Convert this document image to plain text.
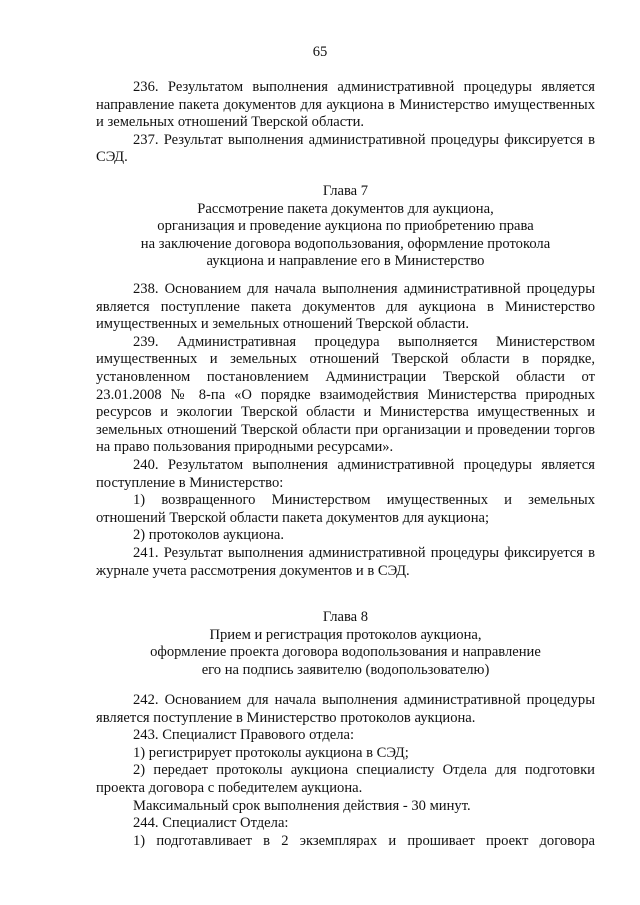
65

236. Результатом выполнения административной процедуры является направление пакета документов для аукциона в Министерство имущественных и земельных отношений Тверской области.

237. Результат выполнения административной процедуры фиксируется в СЭД.

Глава 7

Рассмотрение пакета документов для аукциона,

организация и проведение аукциона по приобретению права

на заключение договора водопользования, оформление протокола

аукциона и направление его в Министерство

238. Основанием для начала выполнения административной процедуры является поступление пакета документов для аукциона в Министерство имущественных и земельных отношений Тверской области.

239. Административная процедура выполняется Министерством имущественных и земельных отношений Тверской области в порядке, установленном постановлением Администрации Тверской области от 23.01.2008 № 8-па «О порядке взаимодействия Министерства природных ресурсов и экологии Тверской области и Министерства имущественных и земельных отношений Тверской области при организации и проведении торгов на право пользования природными ресурсами».

240. Результатом выполнения административной процедуры является поступление в Министерство:

1) возвращенного Министерством имущественных и земельных отношений Тверской области пакета документов для аукциона;

2) протоколов аукциона.

241. Результат выполнения административной процедуры фиксируется в журнале учета рассмотрения документов и в СЭД.

Глава 8

Прием и регистрация протоколов аукциона,

оформление проекта договора водопользования и направление

его на подпись заявителю (водопользователю)

242. Основанием для начала выполнения административной процедуры является поступление в Министерство протоколов аукциона.

243. Специалист Правового отдела:

1) регистрирует протоколы аукциона в СЭД;

2) передает протоколы аукциона специалисту Отдела для подготовки проекта договора с победителем аукциона.

Максимальный срок выполнения действия - 30 минут.

244. Специалист Отдела:

1) подготавливает в 2 экземплярах и прошивает проект договора
